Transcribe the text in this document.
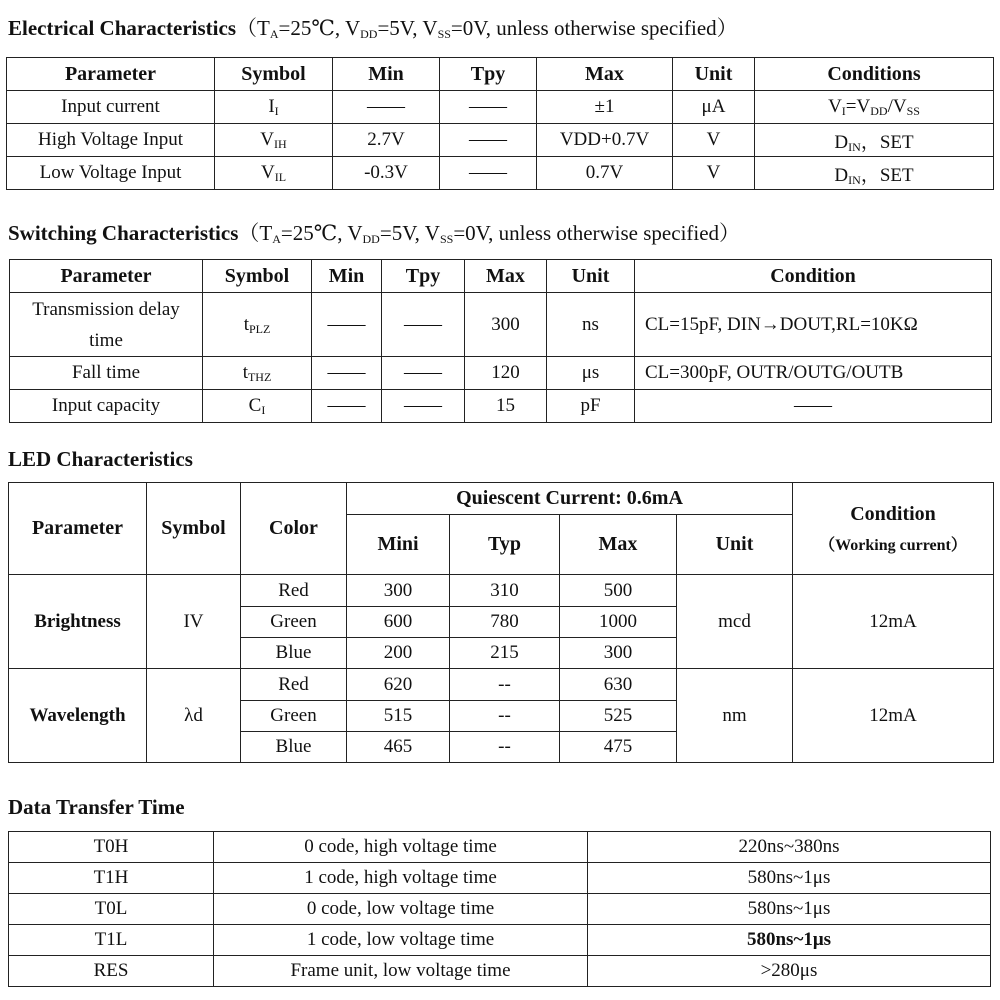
Electrical $Characteristics(T_A=25℃$, $V_{DD}=5V$, $V_{SS}=0V$, unless otherwise specified）
Parameter	Symbol	Min	Tpy	Max	Unit	Conditions
Input current	$I_I$	——	——	±1	μA	$V_I=V_{DD}/V_{SS}$
High Voltage Input	$V_{IH}$	2.7V	——	VDD+0.7V	V	$D_{IN}$，SET
Low Voltage Input	$V_{IL}$	-0.3V	——	0.7V	V	$D_{IN}$，SET
Switching $Characteristics(T_A=25℃$, $V_{DD}=5V$, $V_{SS}=0V$, unless otherwise specified）
Parameter	Symbol	Min	Tpy	Max	Unit	Condition
Transmission delay time	$t_{PLZ}$	——	——	300	ns	CL=15pF, DIN→DOUT,RL=10KΩ
Fall time	$t_{THZ}$	——	——	120	μs	CL=300pF, OUTR/OUTG/OUTB
Input capacity	$C_I$	——	——	15	pF	——
LED Characteristics
Parameter	Symbol	Color	Quiescent Current: 0.6mA				Condition
（Working current）

			Mini	Typ	Max	Unit	
Brightness	IV	Red	300	310	500	mcd	12mA
		Green	600	780	1000		
		Blue	200	215	300		
Wavelength	λd	Red	620	--	630	nm	12mA
		Green	515	--	525		
		Blue	465	--	475		
Data Transfer Time
T0H	0 code, high voltage time	220ns~380ns
T1H	1 code, high voltage time	580ns~1μs
T0L	0 code, low voltage time	580ns~1μs
T1L	1 code, low voltage time	580ns~1μs
RES	Frame unit, low voltage time	>280μs
